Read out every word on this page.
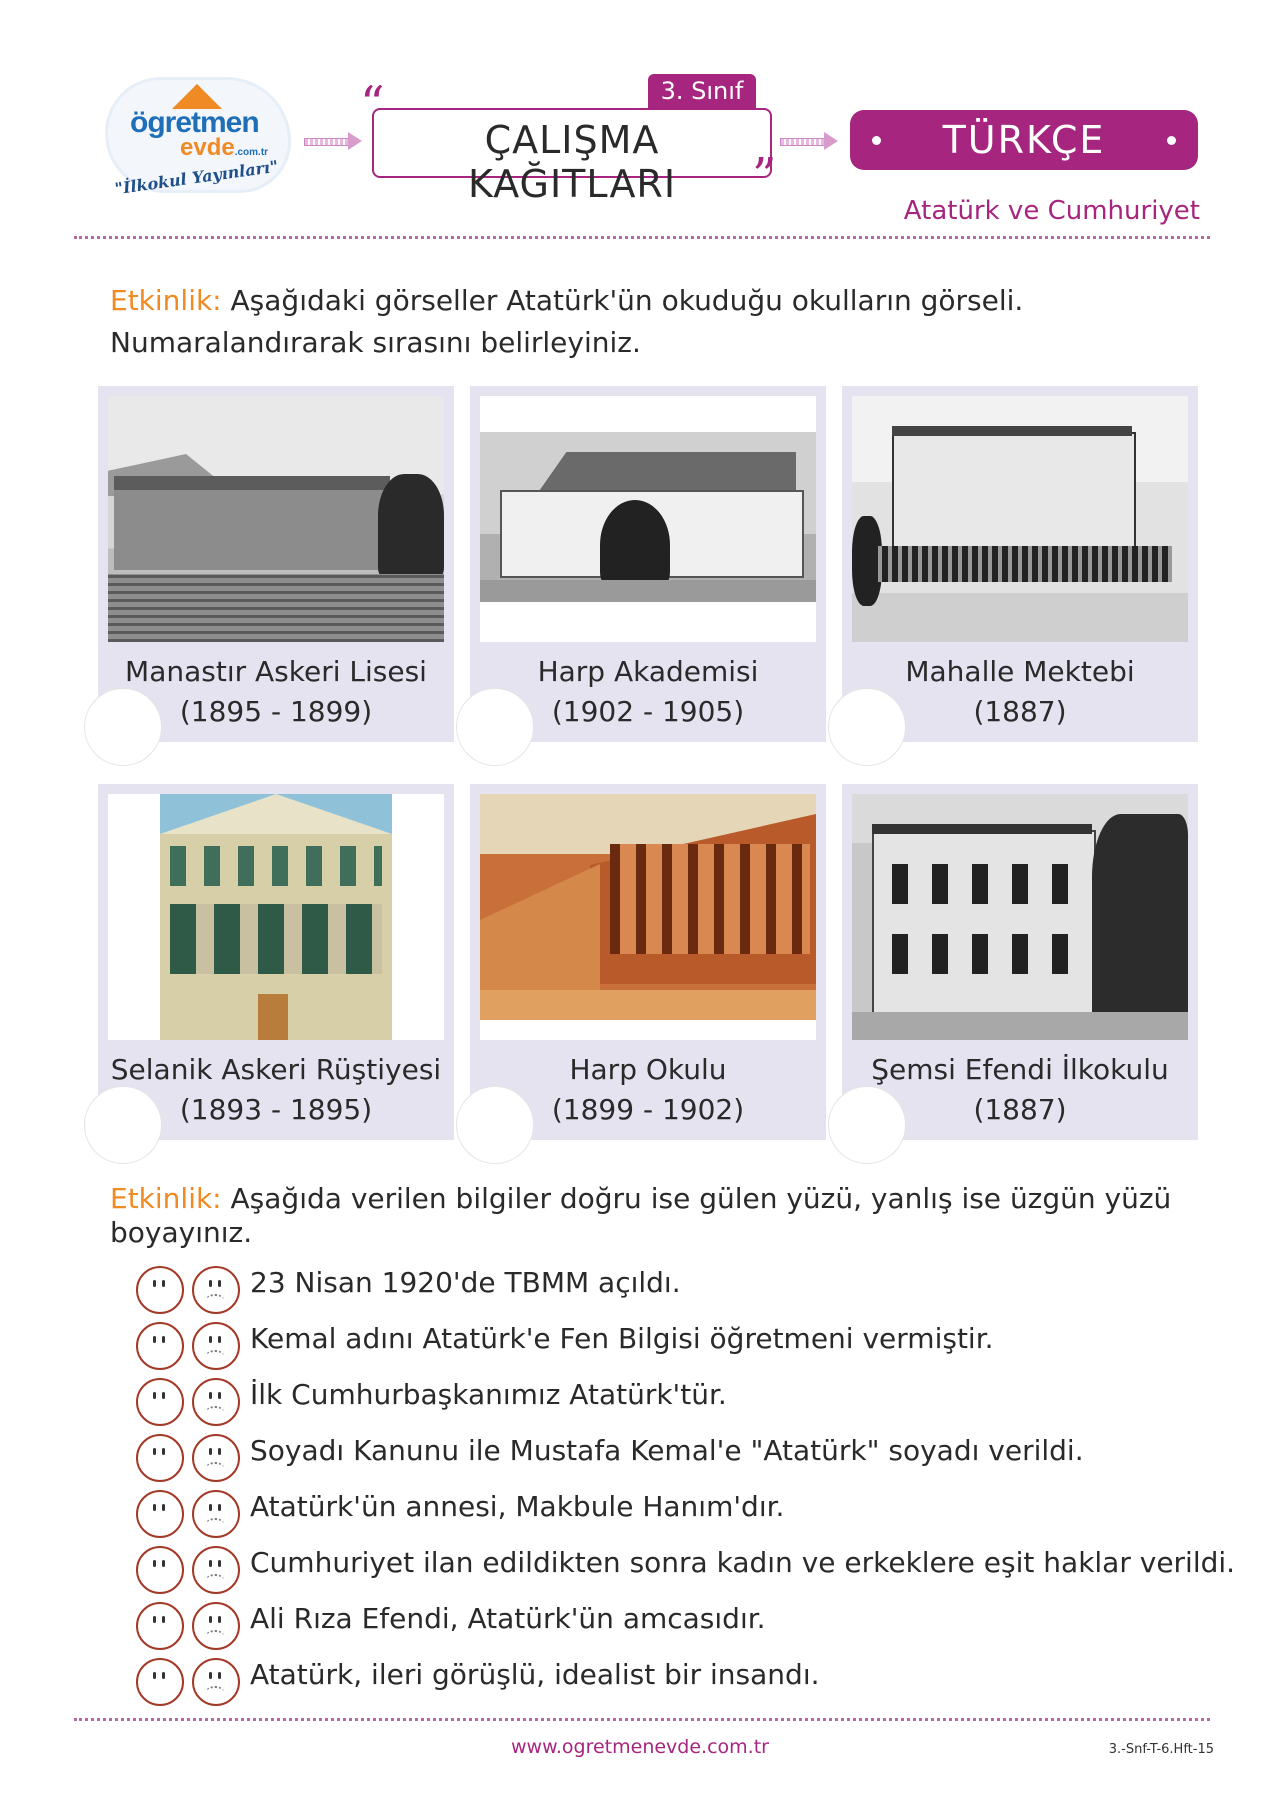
ögretmen
evde.com.tr
"İlkokul Yayınları"
3. Sınıf
“
”
ÇALIŞMA KAĞITLARI
TÜRKÇE
Atatürk ve Cumhuriyet
Etkinlik: Aşağıdaki görseller Atatürk'ün okuduğu okulların görseli. Numaralandırarak sırasını belirleyiniz.
Manastır Askeri Lisesi
(1895 - 1899)
Harp Akademisi
(1902 - 1905)
Mahalle Mektebi
(1887)
Selanik Askeri Rüştiyesi
(1893 - 1895)
Harp Okulu
(1899 - 1902)
Şemsi Efendi İlkokulu
(1887)
Etkinlik: Aşağıda verilen bilgiler doğru ise gülen yüzü, yanlış ise üzgün yüzü boyayınız.
23 Nisan 1920'de TBMM açıldı.
Kemal adını Atatürk'e Fen Bilgisi öğretmeni vermiştir.
İlk Cumhurbaşkanımız Atatürk'tür.
Soyadı Kanunu ile Mustafa Kemal'e "Atatürk" soyadı verildi.
Atatürk'ün annesi, Makbule Hanım'dır.
Cumhuriyet ilan edildikten sonra kadın ve erkeklere eşit haklar verildi.
Ali Rıza Efendi, Atatürk'ün amcasıdır.
Atatürk, ileri görüşlü, idealist bir insandı.
www.ogretmenevde.com.tr	3.-Snf-T-6.Hft-15
